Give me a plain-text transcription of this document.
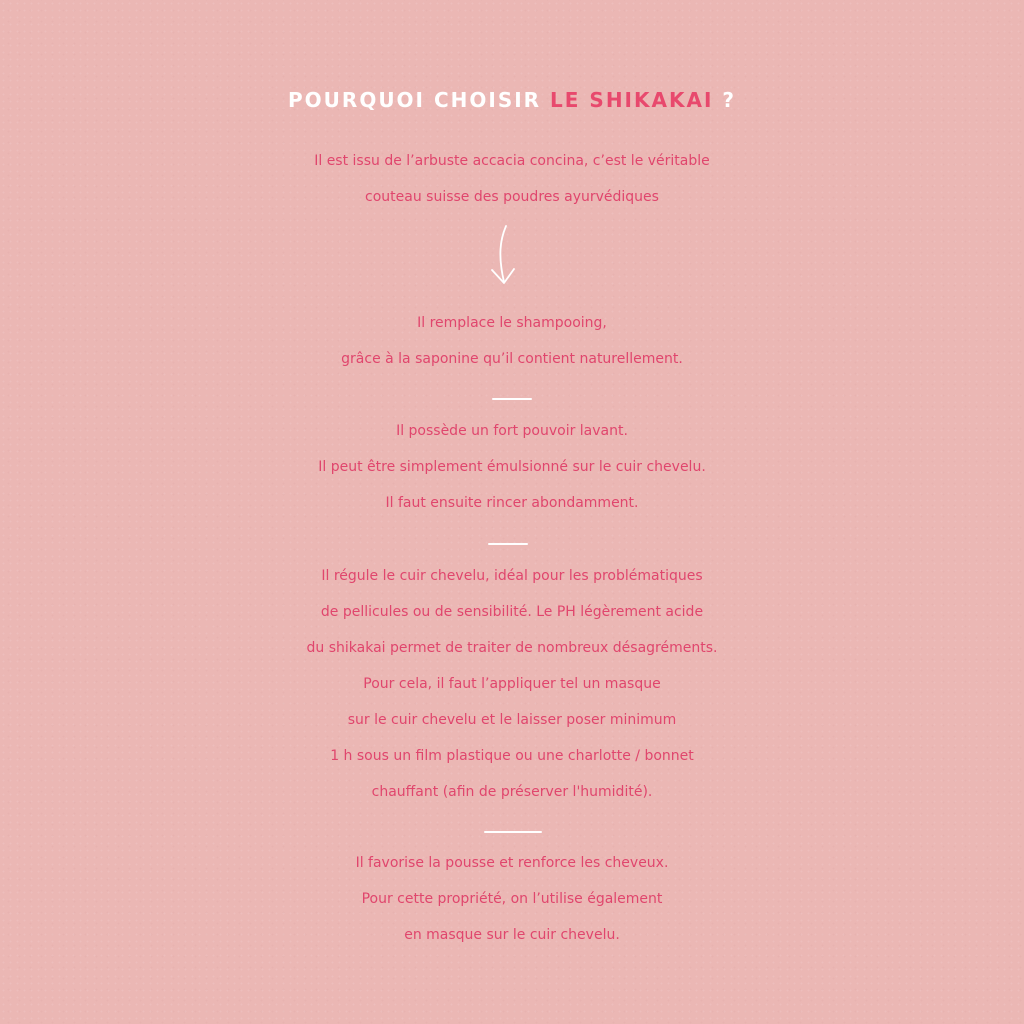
POURQUOI CHOISIR LE SHIKAKAI ?

Il est issu de l’arbuste accacia concina, c’est le véritable
couteau suisse des poudres ayurvédiques

Il remplace le shampooing,
grâce à la saponine qu’il contient naturellement.

Il possède un fort pouvoir lavant.
Il peut être simplement émulsionné sur le cuir chevelu.
Il faut ensuite rincer abondamment.

Il régule le cuir chevelu, idéal pour les problématiques
de pellicules ou de sensibilité. Le PH légèrement acide
du shikakai permet de traiter de nombreux désagréments.
Pour cela, il faut l’appliquer tel un masque
sur le cuir chevelu et le laisser poser minimum
1 h sous un film plastique ou une charlotte / bonnet
chauffant (afin de préserver l'humidité).

Il favorise la pousse et renforce les cheveux.
Pour cette propriété, on l’utilise également
en masque sur le cuir chevelu.
